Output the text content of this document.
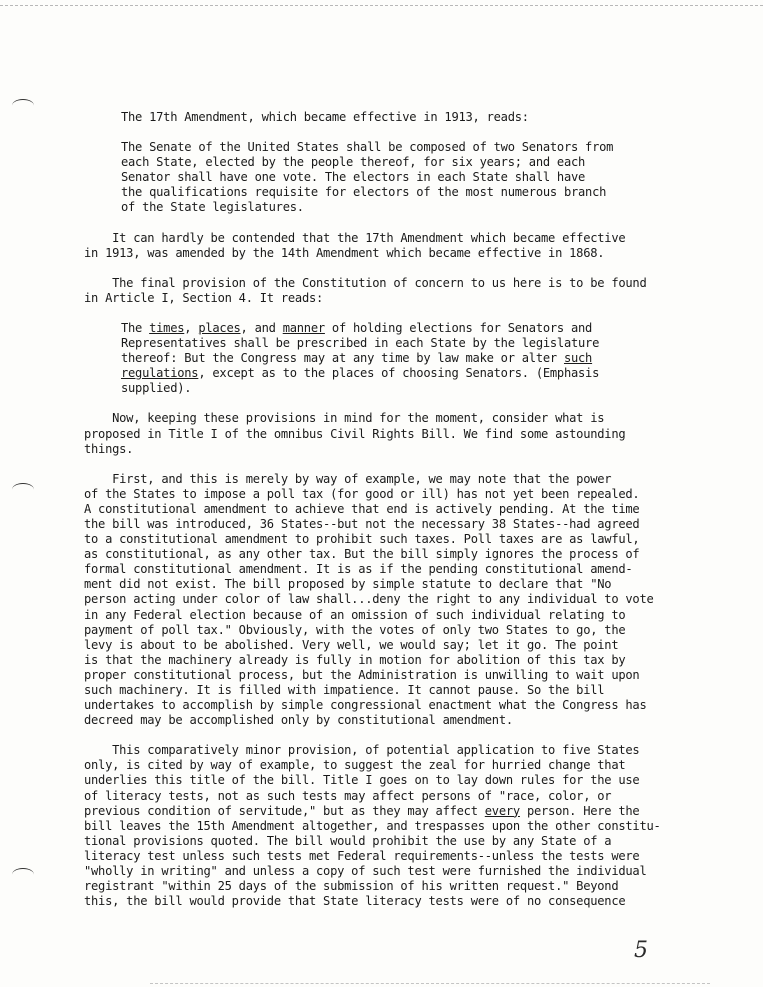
The 17th Amendment, which became effective in 1913, reads:

The Senate of the United States shall be composed of two Senators from

each State, elected by the people thereof, for six years; and each

Senator shall have one vote. The electors in each State shall have

the qualifications requisite for electors of the most numerous branch

of the State legislatures.

It can hardly be contended that the 17th Amendment which became effective

in 1913, was amended by the 14th Amendment which became effective in 1868.

The final provision of the Constitution of concern to us here is to be found

in Article I, Section 4. It reads:

The times, places, and manner of holding elections for Senators and

Representatives shall be prescribed in each State by the legislature

thereof: But the Congress may at any time by law make or alter such

regulations, except as to the places of choosing Senators. (Emphasis

supplied).

Now, keeping these provisions in mind for the moment, consider what is

proposed in Title I of the omnibus Civil Rights Bill. We find some astounding

things.

First, and this is merely by way of example, we may note that the power

of the States to impose a poll tax (for good or ill) has not yet been repealed.

A constitutional amendment to achieve that end is actively pending. At the time

the bill was introduced, 36 States--but not the necessary 38 States--had agreed

to a constitutional amendment to prohibit such taxes. Poll taxes are as lawful,

as constitutional, as any other tax. But the bill simply ignores the process of

formal constitutional amendment. It is as if the pending constitutional amend-

ment did not exist. The bill proposed by simple statute to declare that "No

person acting under color of law shall...deny the right to any individual to vote

in any Federal election because of an omission of such individual relating to

payment of poll tax." Obviously, with the votes of only two States to go, the

levy is about to be abolished. Very well, we would say; let it go. The point

is that the machinery already is fully in motion for abolition of this tax by

proper constitutional process, but the Administration is unwilling to wait upon

such machinery. It is filled with impatience. It cannot pause. So the bill

undertakes to accomplish by simple congressional enactment what the Congress has

decreed may be accomplished only by constitutional amendment.

This comparatively minor provision, of potential application to five States

only, is cited by way of example, to suggest the zeal for hurried change that

underlies this title of the bill. Title I goes on to lay down rules for the use

of literacy tests, not as such tests may affect persons of "race, color, or

previous condition of servitude," but as they may affect every person. Here the

bill leaves the 15th Amendment altogether, and trespasses upon the other constitu-

tional provisions quoted. The bill would prohibit the use by any State of a

literacy test unless such tests met Federal requirements--unless the tests were

"wholly in writing" and unless a copy of such test were furnished the individual

registrant "within 25 days of the submission of his written request." Beyond

this, the bill would provide that State literacy tests were of no consequence

5
